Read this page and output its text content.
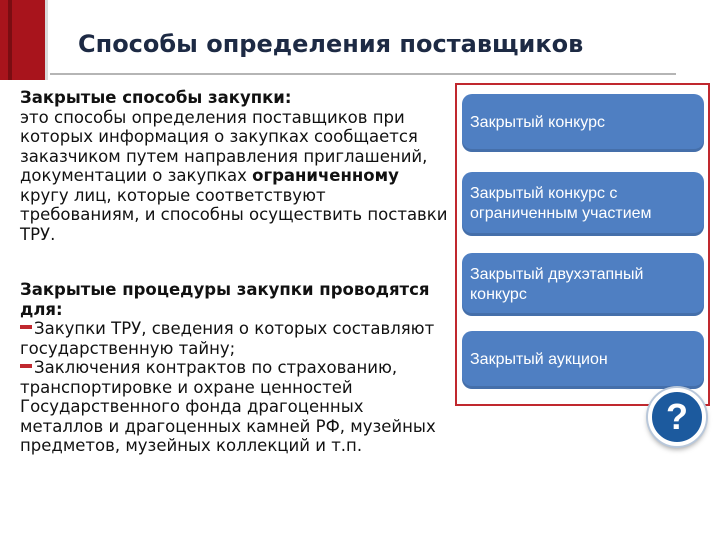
Способы определения поставщиков

Закрытые способы закупки:

это способы определения поставщиков при которых информация о закупках сообщается заказчиком путем направления приглашений, документации о закупках ограниченному кругу лиц, которые соответствуют требованиям, и способны осуществить поставки ТРУ.

Закрытые процедуры закупки проводятся для:

Закупки ТРУ, сведения о которых составляют государственную тайну;

Заключения контрактов по страхованию, транспортировке и охране ценностей Государственного фонда драгоценных металлов и драгоценных камней РФ, музейных предметов, музейных коллекций и т.п.

Закрытый конкурс
Закрытый конкурс с ограниченным участием
Закрытый двухэтапный конкурс
Закрытый аукцион
?
